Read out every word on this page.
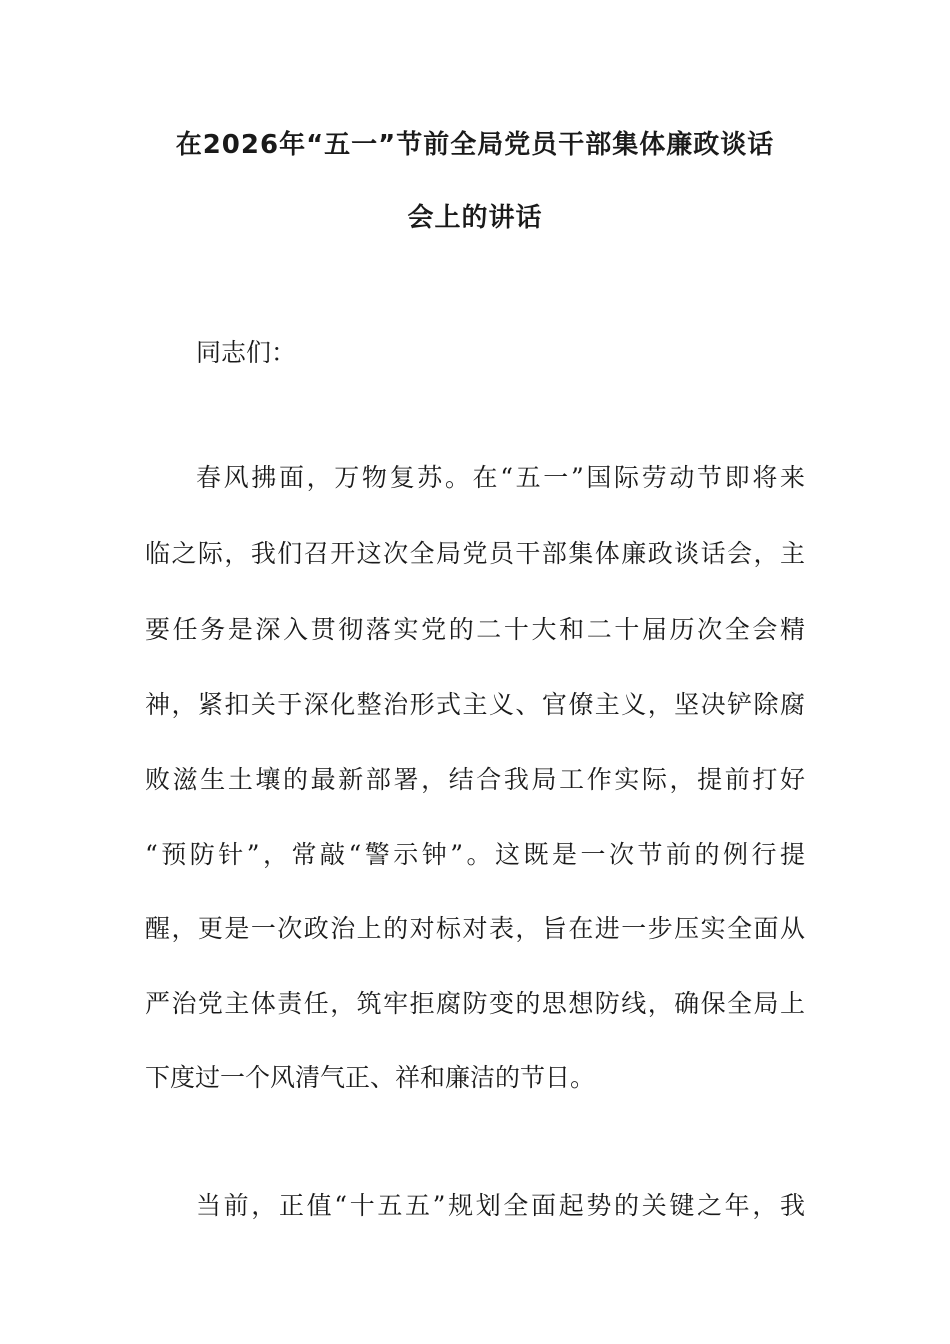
在2026年“五一”节前全局党员干部集体廉政谈话
会上的讲话
同志们：
春风拂面，万物复苏。在“五一”国际劳动节即将来
临之际，我们召开这次全局党员干部集体廉政谈话会，主
要任务是深入贯彻落实党的二十大和二十届历次全会精
神，紧扣关于深化整治形式主义、官僚主义，坚决铲除腐
败滋生土壤的最新部署，结合我局工作实际，提前打好
“预防针”，常敲“警示钟”。这既是一次节前的例行提
醒，更是一次政治上的对标对表，旨在进一步压实全面从
严治党主体责任，筑牢拒腐防变的思想防线，确保全局上
下度过一个风清气正、祥和廉洁的节日。
当前，正值“十五五”规划全面起势的关键之年，我
